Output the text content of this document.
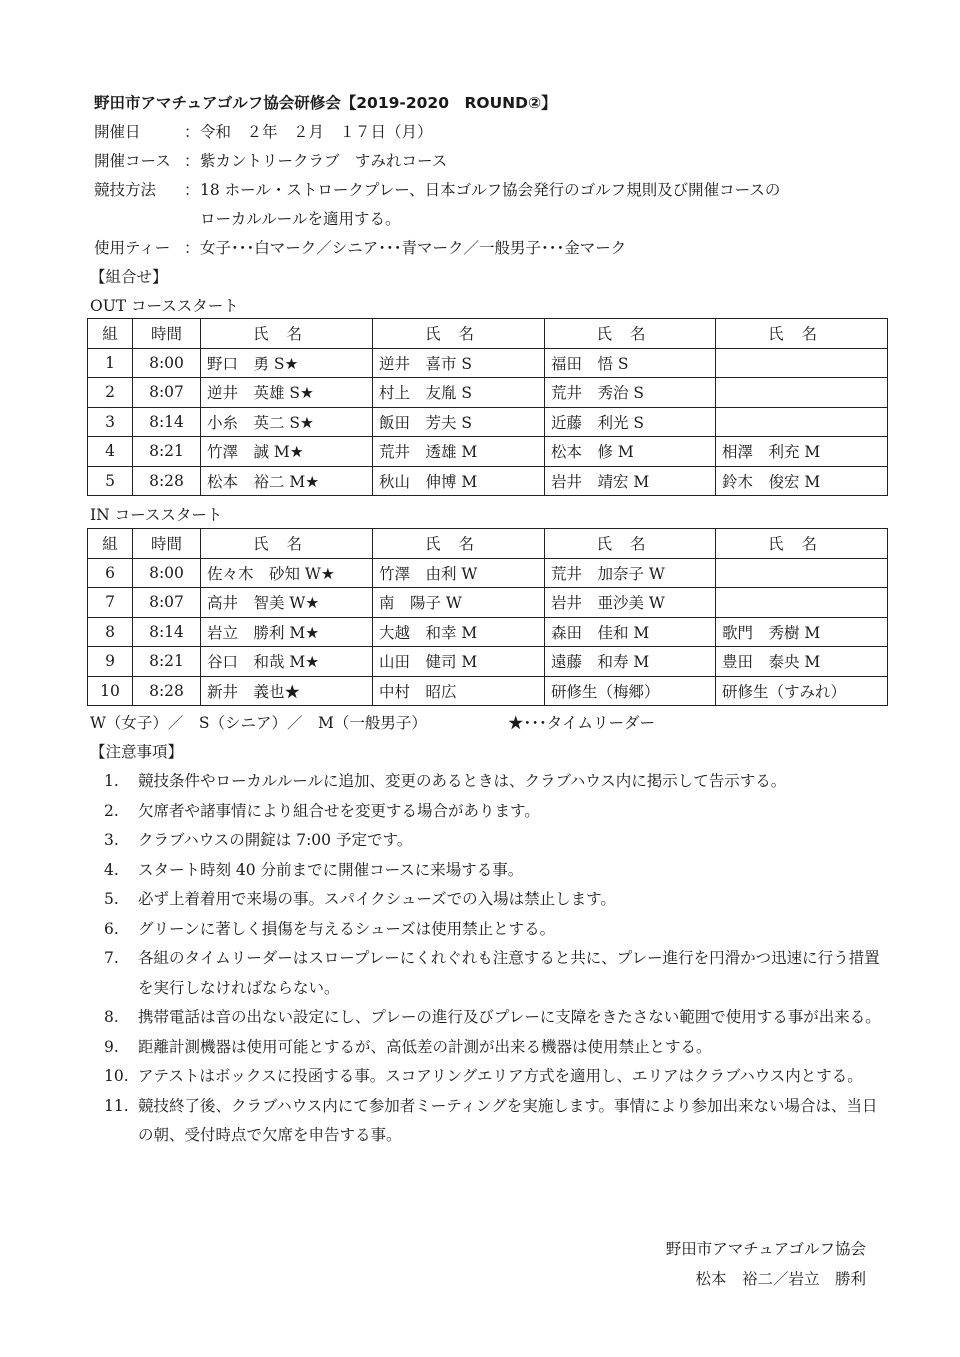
野田市アマチュアゴルフ協会研修会【2019-2020　ROUND②】
開催日	：令和　２年　２月　１７日（月）
開催コース ：紫カントリークラブ　すみれコース
競技方法 ：18 ホール・ストロークプレー、日本ゴルフ協会発行のゴルフ規則及び開催コースの
ローカルルールを適用する。
使用ティー ：女子･･･白マーク／シニア･･･青マーク／一般男子･･･金マーク
【組合せ】
OUT コーススタート
組	時間	氏名	氏名	氏名	氏名
1	8:00	野口　勇 S★	逆井　喜市 S	福田　悟 S	
2	8:07	逆井　英雄 S★	村上　友胤 S	荒井　秀治 S	
3	8:14	小糸　英二 S★	飯田　芳夫 S	近藤　利光 S	
4	8:21	竹澤　誠 M★	荒井　透雄 M	松本　修 M	相澤　利充 M
5	8:28	松本　裕二 M★	秋山　伸博 M	岩井　靖宏 M	鈴木　俊宏 M
IN コーススタート
組	時間	氏名	氏名	氏名	氏名
6	8:00	佐々木　砂知 W★	竹澤　由利 W	荒井　加奈子 W	
7	8:07	高井　智美 W★	南　陽子 W	岩井　亜沙美 W	
8	8:14	岩立　勝利 M★	大越　和幸 M	森田　佳和 M	歌門　秀樹 M
9	8:21	谷口　和哉 M★	山田　健司 M	遠藤　和寿 M	豊田　泰央 M
10	8:28	新井　義也★	中村　昭広	研修生（梅郷）	研修生（すみれ）
W（女子）／　S（シニア）／　M（一般男子）	★･･･タイムリーダー
【注意事項】
1.	競技条件やローカルルールに追加、変更のあるときは、クラブハウス内に掲示して告示する。
2.	欠席者や諸事情により組合せを変更する場合があります。
3.	クラブハウスの開錠は 7:00 予定です。
4.	スタート時刻 40 分前までに開催コースに来場する事。
5.	必ず上着着用で来場の事。スパイクシューズでの入場は禁止します。
6.	グリーンに著しく損傷を与えるシューズは使用禁止とする。
7.	各組のタイムリーダーはスロープレーにくれぐれも注意すると共に、プレー進行を円滑かつ迅速に行う措置を実行しなければならない。
8.	携帯電話は音の出ない設定にし、プレーの進行及びプレーに支障をきたさない範囲で使用する事が出来る。
9.	距離計測機器は使用可能とするが、高低差の計測が出来る機器は使用禁止とする。
10. アテストはボックスに投函する事。スコアリングエリア方式を適用し、エリアはクラブハウス内とする。
11. 競技終了後、クラブハウス内にて参加者ミーティングを実施します。事情により参加出来ない場合は、当日の朝、受付時点で欠席を申告する事。
野田市アマチュアゴルフ協会
松本　裕二／岩立　勝利
